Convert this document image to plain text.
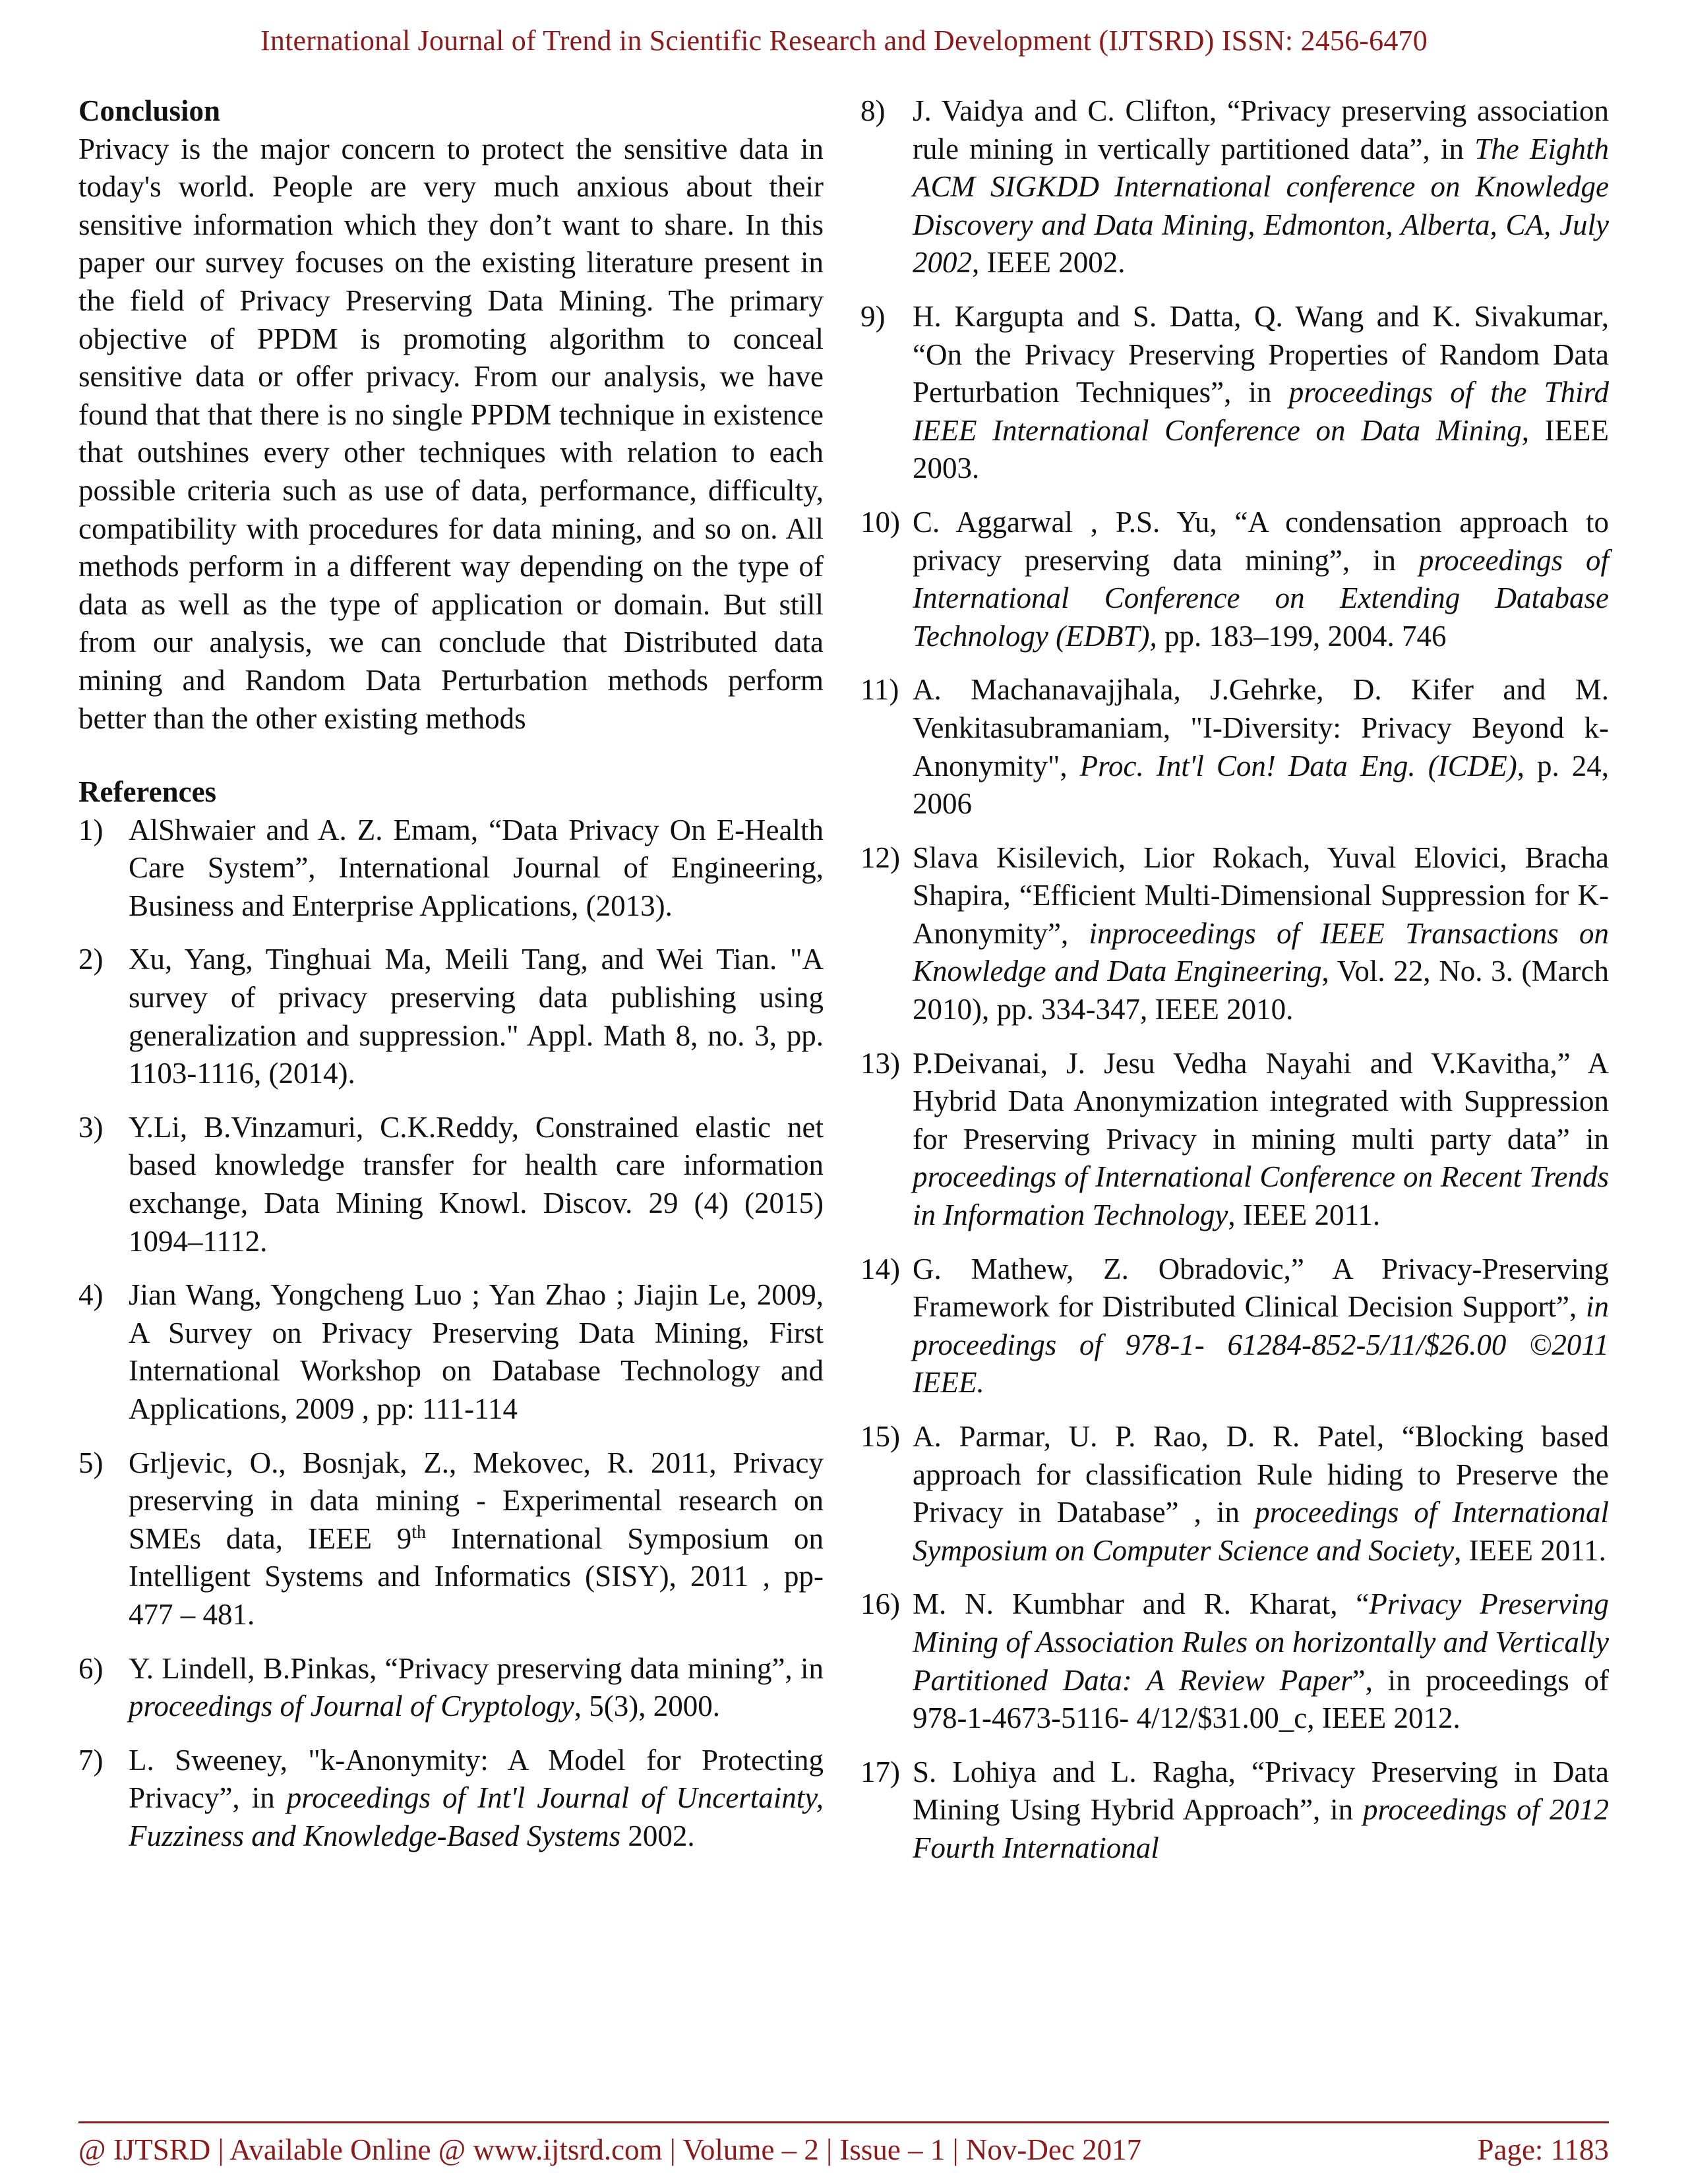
International Journal of Trend in Scientific Research and Development (IJTSRD) ISSN: 2456-6470

Conclusion

Privacy is the major concern to protect the sensitive data in today's world. People are very much anxious about their sensitive information which they don’t want to share. In this paper our survey focuses on the existing literature present in the field of Privacy Preserving Data Mining. The primary objective of PPDM is promoting algorithm to conceal sensitive data or offer privacy. From our analysis, we have found that that there is no single PPDM technique in existence that outshines every other techniques with relation to each possible criteria such as use of data, performance, difficulty, compatibility with procedures for data mining, and so on. All methods perform in a different way depending on the type of data as well as the type of application or domain. But still from our analysis, we can conclude that Distributed data mining and Random Data Perturbation methods perform better than the other existing methods

References

1) AlShwaier and A. Z. Emam, “Data Privacy On E-Health Care System”, International Journal of Engineering, Business and Enterprise Applications, (2013).
2) Xu, Yang, Tinghuai Ma, Meili Tang, and Wei Tian. "A survey of privacy preserving data publishing using generalization and suppression." Appl. Math 8, no. 3, pp. 1103-1116, (2014).
3) Y.Li, B.Vinzamuri, C.K.Reddy, Constrained elastic net based knowledge transfer for health care information exchange, Data Mining Knowl. Discov. 29 (4) (2015) 1094–1112.
4) Jian Wang, Yongcheng Luo ; Yan Zhao ; Jiajin Le, 2009, A Survey on Privacy Preserving Data Mining, First International Workshop on Database Technology and Applications, 2009 , pp: 111-114
5) Grljevic, O., Bosnjak, Z., Mekovec, R. 2011, Privacy preserving in data mining - Experimental research on SMEs data, IEEE 9th International Symposium on Intelligent Systems and Informatics (SISY), 2011 , pp- 477 – 481.
6) Y. Lindell, B.Pinkas, “Privacy preserving data mining”, in proceedings of Journal of Cryptology, 5(3), 2000.
7) L. Sweeney, "k-Anonymity: A Model for Protecting Privacy”, in proceedings of Int'l Journal of Uncertainty, Fuzziness and Knowledge-Based Systems 2002.
8) J. Vaidya and C. Clifton, “Privacy preserving association rule mining in vertically partitioned data”, in The Eighth ACM SIGKDD International conference on Knowledge Discovery and Data Mining, Edmonton, Alberta, CA, July 2002, IEEE 2002.
9) H. Kargupta and S. Datta, Q. Wang and K. Sivakumar, “On the Privacy Preserving Properties of Random Data Perturbation Techniques”, in proceedings of the Third IEEE International Conference on Data Mining, IEEE 2003.
10) C. Aggarwal , P.S. Yu, “A condensation approach to privacy preserving data mining”, in proceedings of International Conference on Extending Database Technology (EDBT), pp. 183–199, 2004. 746
11) A. Machanavajjhala, J.Gehrke, D. Kifer and M. Venkitasubramaniam, "I-Diversity: Privacy Beyond k-Anonymity", Proc. Int'l Con! Data Eng. (ICDE), p. 24, 2006
12) Slava Kisilevich, Lior Rokach, Yuval Elovici, Bracha Shapira, “Efficient Multi-Dimensional Suppression for K-Anonymity”, inproceedings of IEEE Transactions on Knowledge and Data Engineering, Vol. 22, No. 3. (March 2010), pp. 334-347, IEEE 2010.
13) P.Deivanai, J. Jesu Vedha Nayahi and V.Kavitha,” A Hybrid Data Anonymization integrated with Suppression for Preserving Privacy in mining multi party data” in proceedings of International Conference on Recent Trends in Information Technology, IEEE 2011.
14) G. Mathew, Z. Obradovic,” A Privacy-Preserving Framework for Distributed Clinical Decision Support”, in proceedings of 978-1- 61284-852-5/11/$26.00 ©2011 IEEE.
15) A. Parmar, U. P. Rao, D. R. Patel, “Blocking based approach for classification Rule hiding to Preserve the Privacy in Database” , in proceedings of International Symposium on Computer Science and Society, IEEE 2011.
16) M. N. Kumbhar and R. Kharat, “Privacy Preserving Mining of Association Rules on horizontally and Vertically Partitioned Data: A Review Paper”, in proceedings of 978-1-4673-5116- 4/12/$31.00_c, IEEE 2012.
17) S. Lohiya and L. Ragha, “Privacy Preserving in Data Mining Using Hybrid Approach”, in proceedings of 2012 Fourth International
@ IJTSRD | Available Online @ www.ijtsrd.com | Volume – 2 | Issue – 1 | Nov-Dec 2017	Page: 1183
